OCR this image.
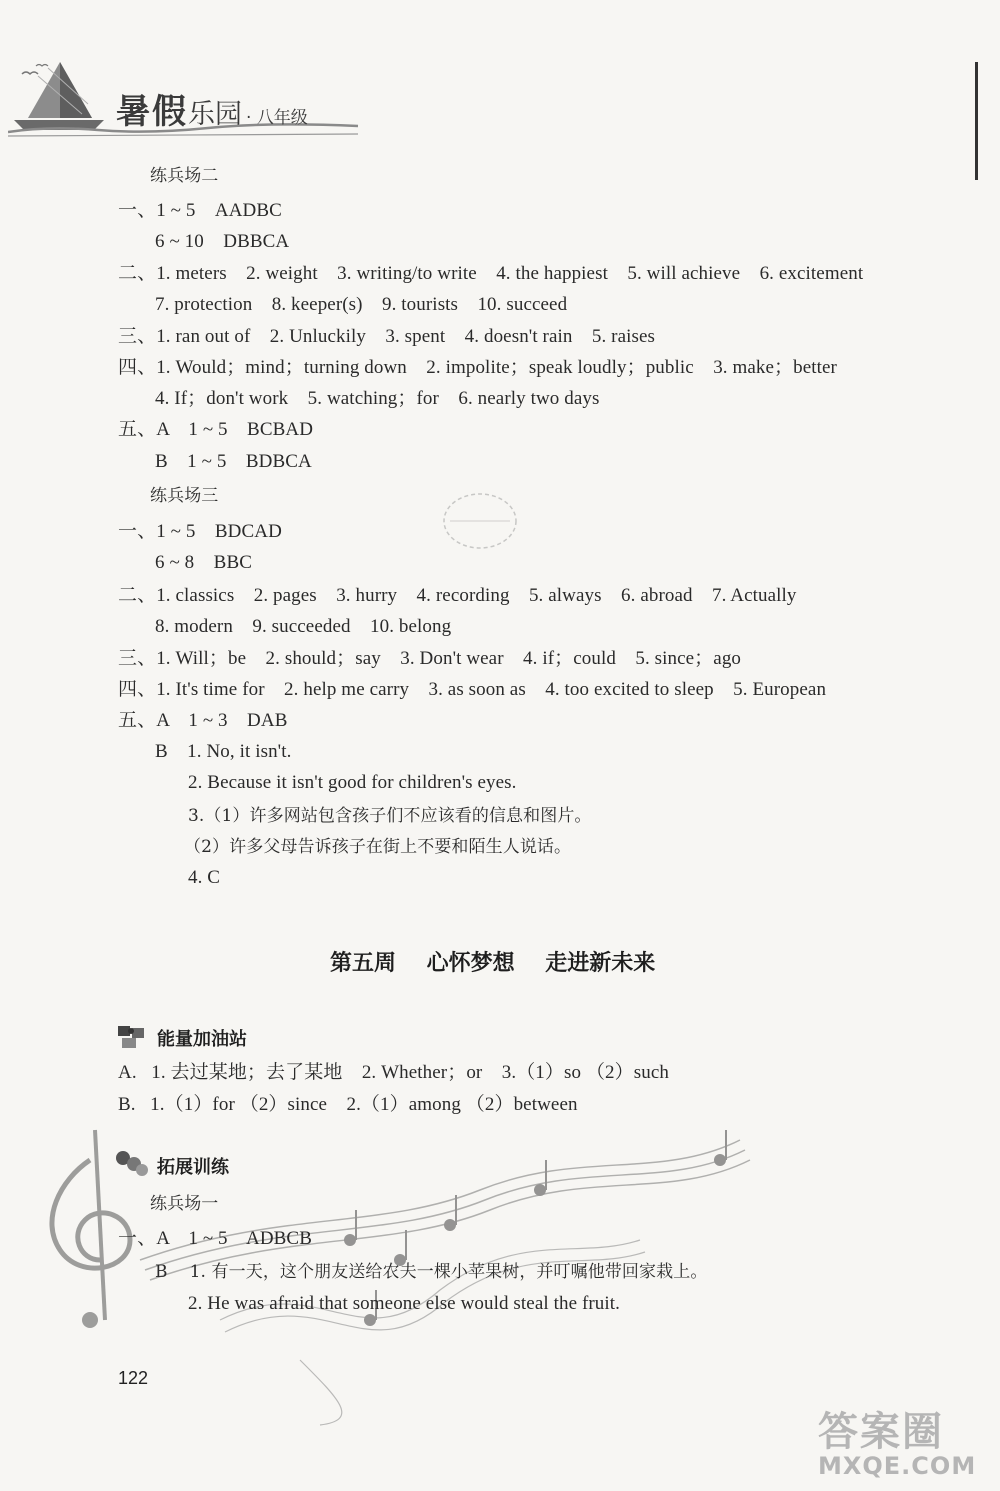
暑假乐园 · 八年级
练兵场二
一、1 ~ 5    AADBC
6 ~ 10    DBBCA
二、1. meters    2. weight    3. writing/to write    4. the happiest    5. will achieve    6. excitement
7. protection    8. keeper(s)    9. tourists    10. succeed
三、1. ran out of    2. Unluckily    3. spent    4. doesn't rain    5. raises
四、1. Would；mind；turning down    2. impolite；speak loudly；public    3. make；better
4. If；don't work    5. watching；for    6. nearly two days
五、A    1 ~ 5    BCBAD
B    1 ~ 5    BDBCA
练兵场三
一、1 ~ 5    BDCAD
6 ~ 8    BBC
二、1. classics    2. pages    3. hurry    4. recording    5. always    6. abroad    7. Actually
8. modern    9. succeeded    10. belong
三、1. Will；be    2. should；say    3. Don't wear    4. if；could    5. since；ago
四、1. It's time for    2. help me carry    3. as soon as    4. too excited to sleep    5. European
五、A    1 ~ 3    DAB
B    1. No, it isn't.
2. Because it isn't good for children's eyes.
3.（1）许多网站包含孩子们不应该看的信息和图片。
（2）许多父母告诉孩子在街上不要和陌生人说话。
4. C
第五周    心怀梦想    走进新未来
能量加油站
A.   1. 去过某地；去了某地    2. Whether；or    3.（1）so （2）such
B.   1.（1）for （2）since    2.（1）among （2）between
拓展训练
练兵场一
一、A    1 ~ 5    ADBCB
B    1. 有一天，这个朋友送给农夫一棵小苹果树，并叮嘱他带回家栽上。
2. He was afraid that someone else would steal the fruit.
122
答案圈
MXQE.COM
